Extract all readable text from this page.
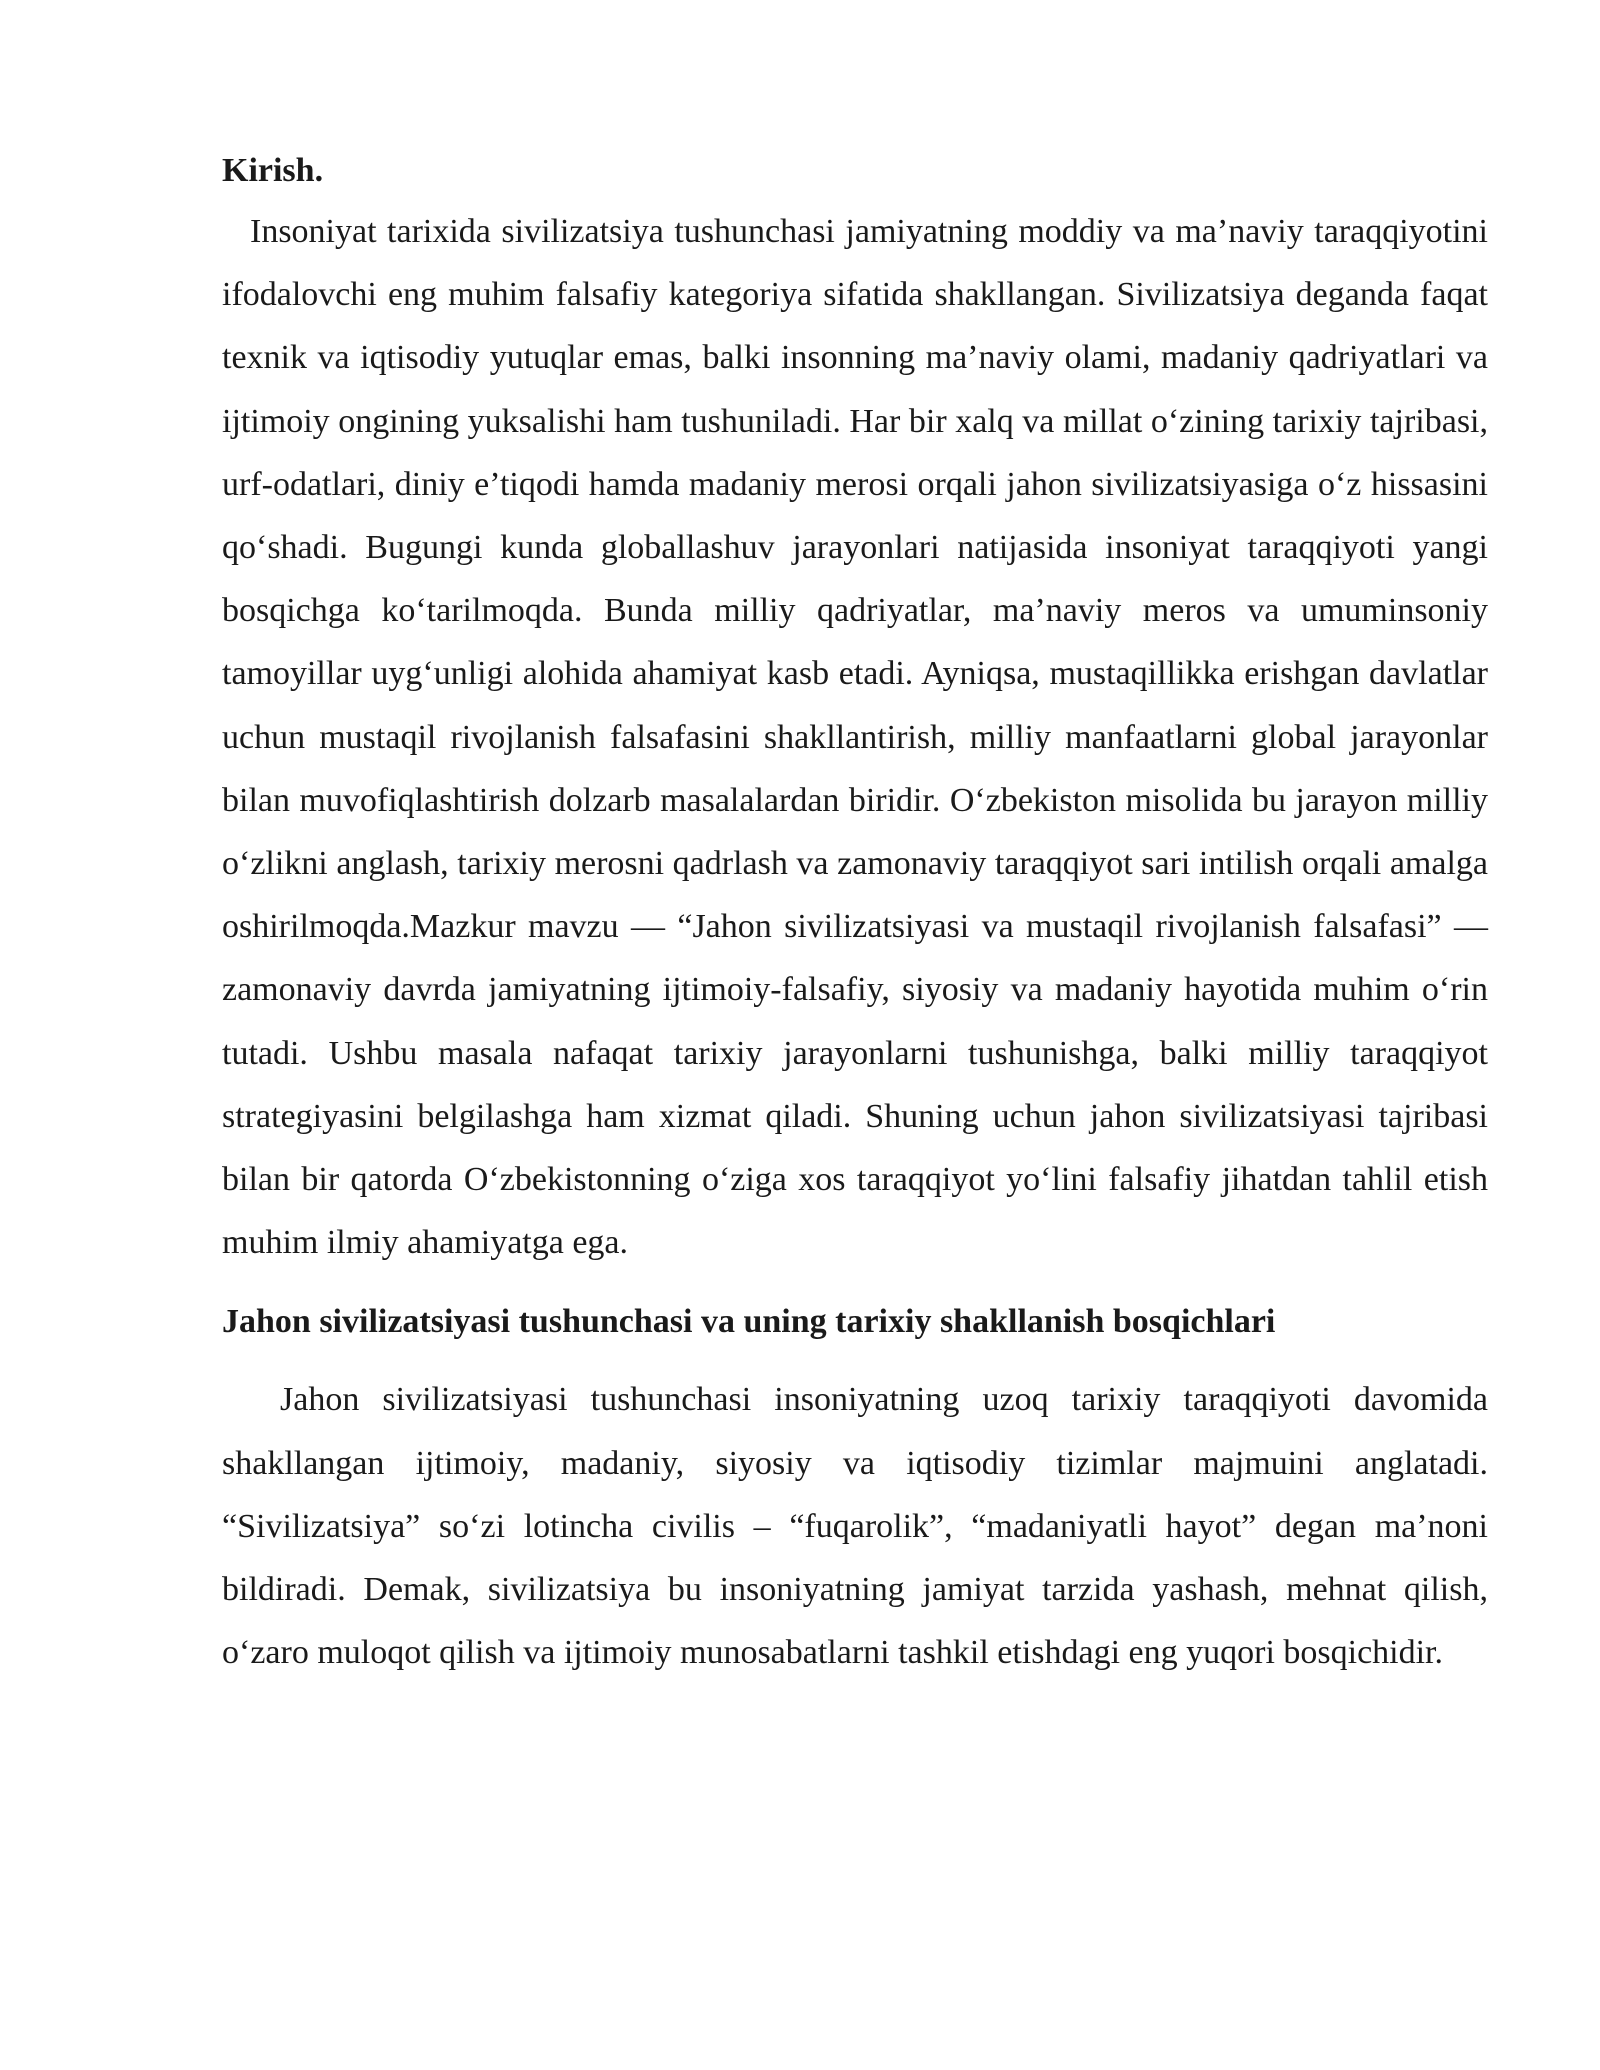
Kirish.

Insoniyat tarixida sivilizatsiya tushunchasi jamiyatning moddiy va ma’naviy taraqqiyotini ifodalovchi eng muhim falsafiy kategoriya sifatida shakllangan. Sivilizatsiya deganda faqat texnik va iqtisodiy yutuqlar emas, balki insonning ma’naviy olami, madaniy qadriyatlari va ijtimoiy ongining yuksalishi ham tushuniladi. Har bir xalq va millat o‘zining tarixiy tajribasi, urf-odatlari, diniy e’tiqodi hamda madaniy merosi orqali jahon sivilizatsiyasiga o‘z hissasini qo‘shadi. Bugungi kunda globallashuv jarayonlari natijasida insoniyat taraqqiyoti yangi bosqichga ko‘tarilmoqda. Bunda milliy qadriyatlar, ma’naviy meros va umuminsoniy tamoyillar uyg‘unligi alohida ahamiyat kasb etadi. Ayniqsa, mustaqillikka erishgan davlatlar uchun mustaqil rivojlanish falsafasini shakllantirish, milliy manfaatlarni global jarayonlar bilan muvofiqlashtirish dolzarb masalalardan biridir. O‘zbekiston misolida bu jarayon milliy o‘zlikni anglash, tarixiy merosni qadrlash va zamonaviy taraqqiyot sari intilish orqali amalga oshirilmoqda.Mazkur mavzu — “Jahon sivilizatsiyasi va mustaqil rivojlanish falsafasi” — zamonaviy davrda jamiyatning ijtimoiy-falsafiy, siyosiy va madaniy hayotida muhim o‘rin tutadi. Ushbu masala nafaqat tarixiy jarayonlarni tushunishga, balki milliy taraqqiyot strategiyasini belgilashga ham xizmat qiladi. Shuning uchun jahon sivilizatsiyasi tajribasi bilan bir qatorda O‘zbekistonning o‘ziga xos taraqqiyot yo‘lini falsafiy jihatdan tahlil etish muhim ilmiy ahamiyatga ega.

Jahon sivilizatsiyasi tushunchasi va uning tarixiy shakllanish bosqichlari

Jahon sivilizatsiyasi tushunchasi insoniyatning uzoq tarixiy taraqqiyoti davomida shakllangan ijtimoiy, madaniy, siyosiy va iqtisodiy tizimlar majmuini anglatadi. “Sivilizatsiya” so‘zi lotincha civilis – “fuqarolik”, “madaniyatli hayot” degan ma’noni bildiradi. Demak, sivilizatsiya bu insoniyatning jamiyat tarzida yashash, mehnat qilish, o‘zaro muloqot qilish va ijtimoiy munosabatlarni tashkil etishdagi eng yuqori bosqichidir.
